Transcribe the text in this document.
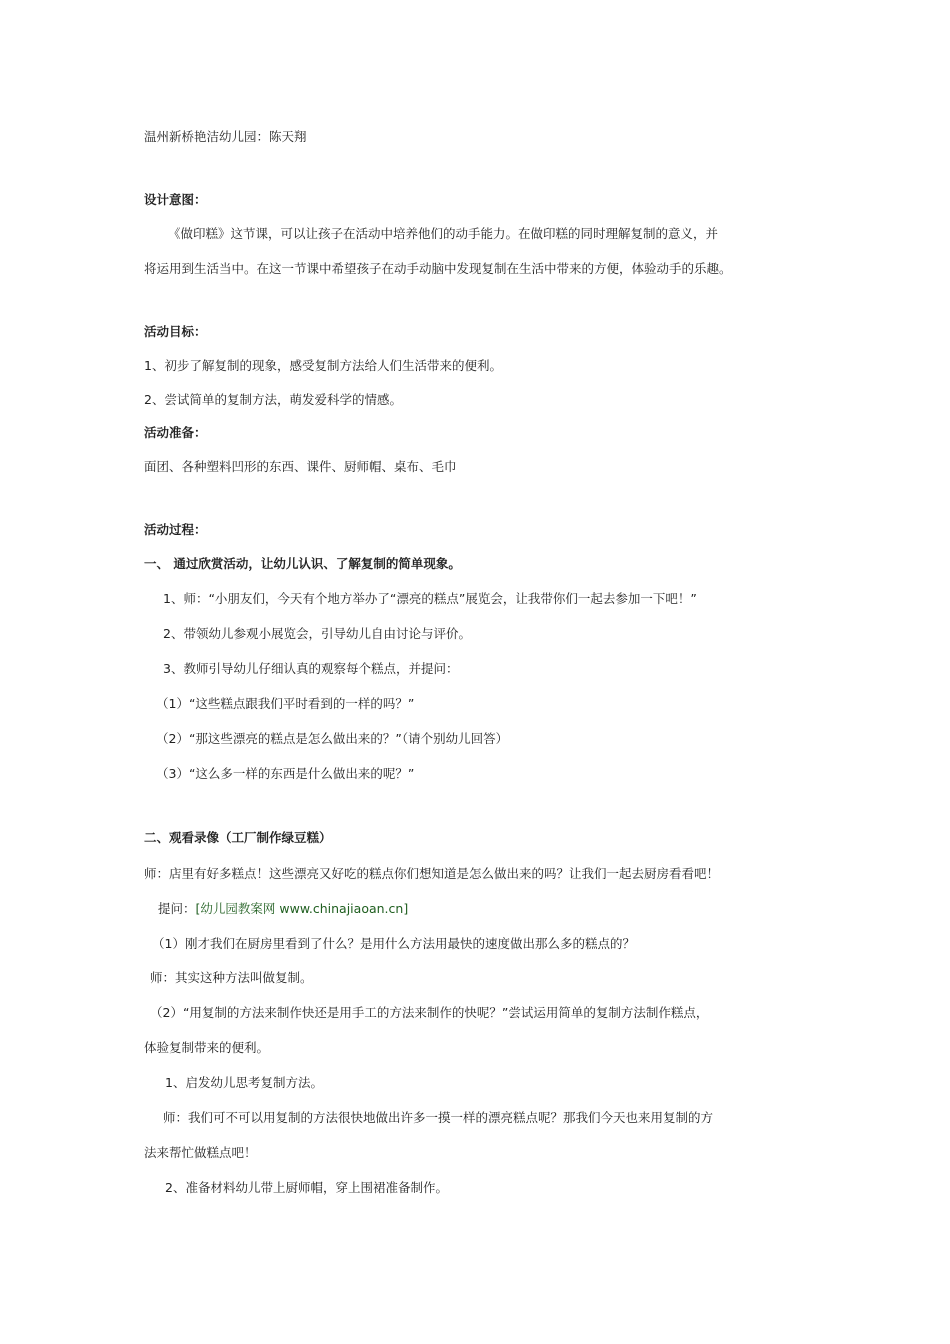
温州新桥艳洁幼儿园：陈天翔
设计意图：
《做印糕》这节课，可以让孩子在活动中培养他们的动手能力。在做印糕的同时理解复制的意义，并
将运用到生活当中。在这一节课中希望孩子在动手动脑中发现复制在生活中带来的方便，体验动手的乐趣。
活动目标：
1、初步了解复制的现象，感受复制方法给人们生活带来的便利。
2、尝试简单的复制方法，萌发爱科学的情感。
活动准备：
面团、各种塑料凹形的东西、课件、厨师帽、桌布、毛巾
活动过程：
一、 通过欣赏活动，让幼儿认识、了解复制的简单现象。
1、师：“小朋友们，今天有个地方举办了“漂亮的糕点”展览会，让我带你们一起去参加一下吧！”
2、带领幼儿参观小展览会，引导幼儿自由讨论与评价。
3、教师引导幼儿仔细认真的观察每个糕点，并提问：
（1）“这些糕点跟我们平时看到的一样的吗？”
（2）“那这些漂亮的糕点是怎么做出来的？”（请个别幼儿回答）
（3）“这么多一样的东西是什么做出来的呢？”
二、观看录像（工厂制作绿豆糕）
师：店里有好多糕点！这些漂亮又好吃的糕点你们想知道是怎么做出来的吗？让我们一起去厨房看看吧！
提问：[幼儿园教案网 www.chinajiaoan.cn]
（1）刚才我们在厨房里看到了什么？是用什么方法用最快的速度做出那么多的糕点的？
师：其实这种方法叫做复制。
（2）“用复制的方法来制作快还是用手工的方法来制作的快呢？”尝试运用简单的复制方法制作糕点，
体验复制带来的便利。
1、启发幼儿思考复制方法。
师：我们可不可以用复制的方法很快地做出许多一摸一样的漂亮糕点呢？那我们今天也来用复制的方
法来帮忙做糕点吧！
2、准备材料幼儿带上厨师帽，穿上围裙准备制作。
